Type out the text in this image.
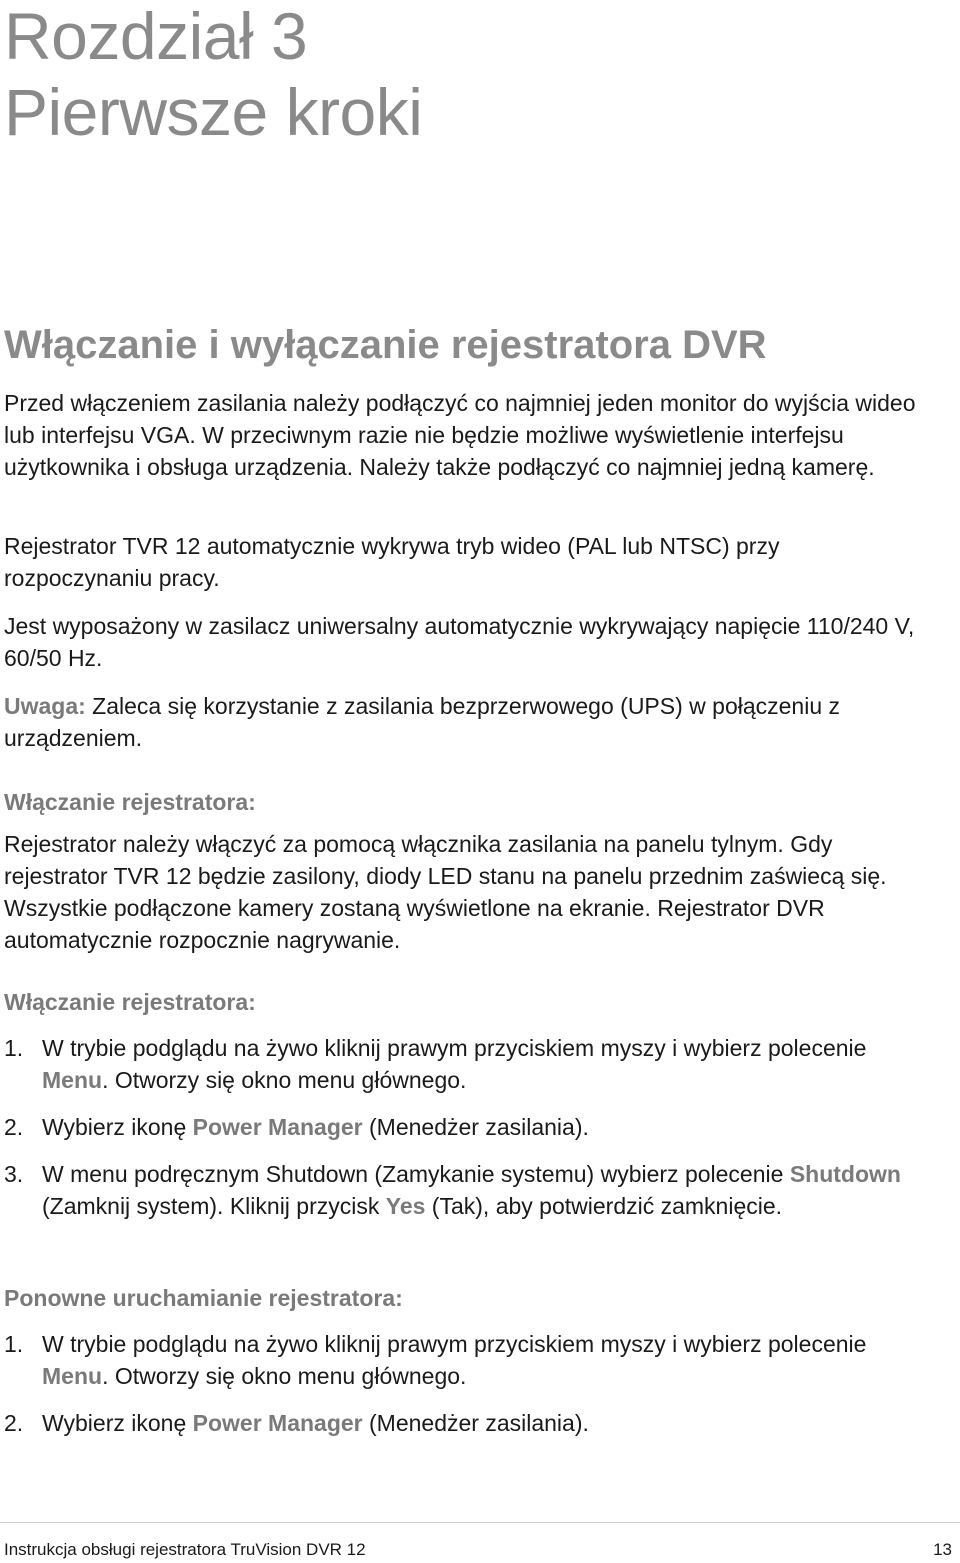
Rozdział 3
Pierwsze kroki
Włączanie i wyłączanie rejestratora DVR
Przed włączeniem zasilania należy podłączyć co najmniej jeden monitor do wyjścia wideo lub interfejsu VGA. W przeciwnym razie nie będzie możliwe wyświetlenie interfejsu użytkownika i obsługa urządzenia. Należy także podłączyć co najmniej jedną kamerę.
Rejestrator TVR 12 automatycznie wykrywa tryb wideo (PAL lub NTSC) przy rozpoczynaniu pracy.
Jest wyposażony w zasilacz uniwersalny automatycznie wykrywający napięcie 110/240 V, 60/50 Hz.
Uwaga: Zaleca się korzystanie z zasilania bezprzerwowego (UPS) w połączeniu z urządzeniem.
Włączanie rejestratora:
Rejestrator należy włączyć za pomocą włącznika zasilania na panelu tylnym. Gdy rejestrator TVR 12 będzie zasilony, diody LED stanu na panelu przednim zaświecą się. Wszystkie podłączone kamery zostaną wyświetlone na ekranie. Rejestrator DVR automatycznie rozpocznie nagrywanie.
Włączanie rejestratora:
1. W trybie podglądu na żywo kliknij prawym przyciskiem myszy i wybierz polecenie Menu. Otworzy się okno menu głównego.
2. Wybierz ikonę Power Manager (Menedżer zasilania).
3. W menu podręcznym Shutdown (Zamykanie systemu) wybierz polecenie Shutdown (Zamknij system). Kliknij przycisk Yes (Tak), aby potwierdzić zamknięcie.
Ponowne uruchamianie rejestratora:
1. W trybie podglądu na żywo kliknij prawym przyciskiem myszy i wybierz polecenie Menu. Otworzy się okno menu głównego.
2. Wybierz ikonę Power Manager (Menedżer zasilania).
Instrukcja obsługi rejestratora TruVision DVR 12	13
